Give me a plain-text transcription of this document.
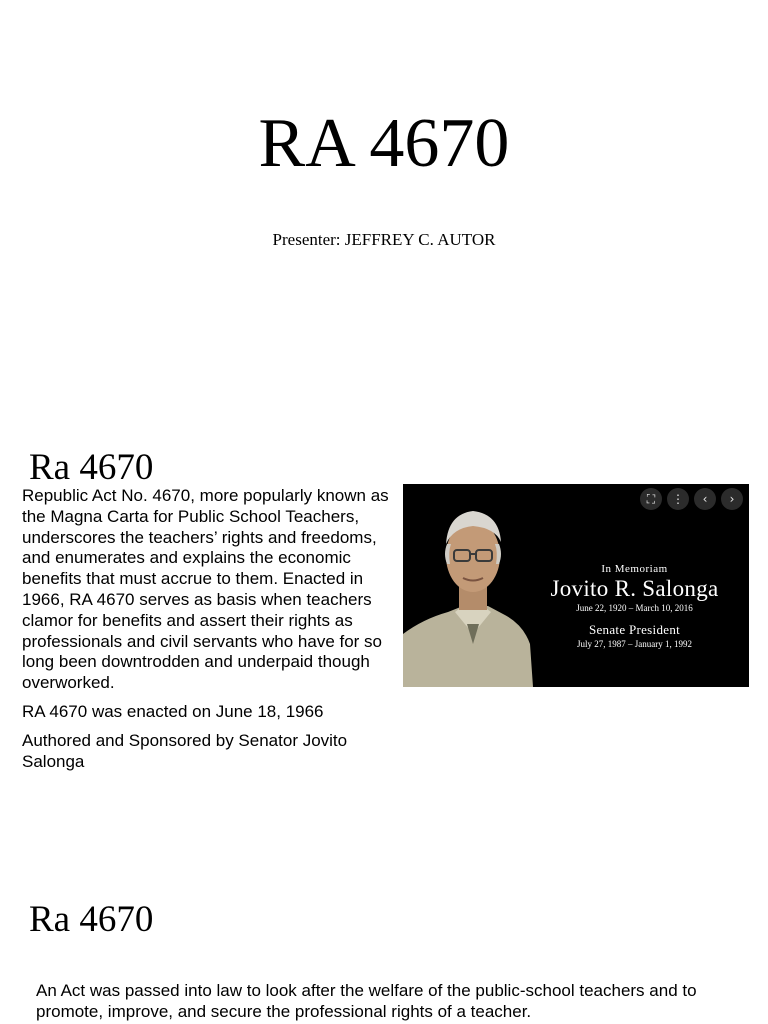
RA 4670
Presenter: JEFFREY C. AUTOR
Ra 4670

Republic Act No. 4670, more popularly known as the Magna Carta for Public School Teachers, underscores the teachers’ rights and freedoms, and enumerates and explains the economic benefits that must accrue to them. Enacted in 1966, RA 4670 serves as basis when teachers clamor for benefits and assert their rights as professionals and civil servants who have for so long been downtrodden and underpaid though overworked.

RA 4670 was enacted on June 18, 1966

Authored and Sponsored by Senator Jovito Salonga

⛶	⋮	‹	›
In Memoriam
Jovito R. Salonga
June 22, 1920 – March 10, 2016
Senate President
July 27, 1987 – January 1, 1992
Ra 4670

An Act was passed into law to look after the welfare of the public-school teachers and to promote, improve, and secure the professional rights of a teacher.
